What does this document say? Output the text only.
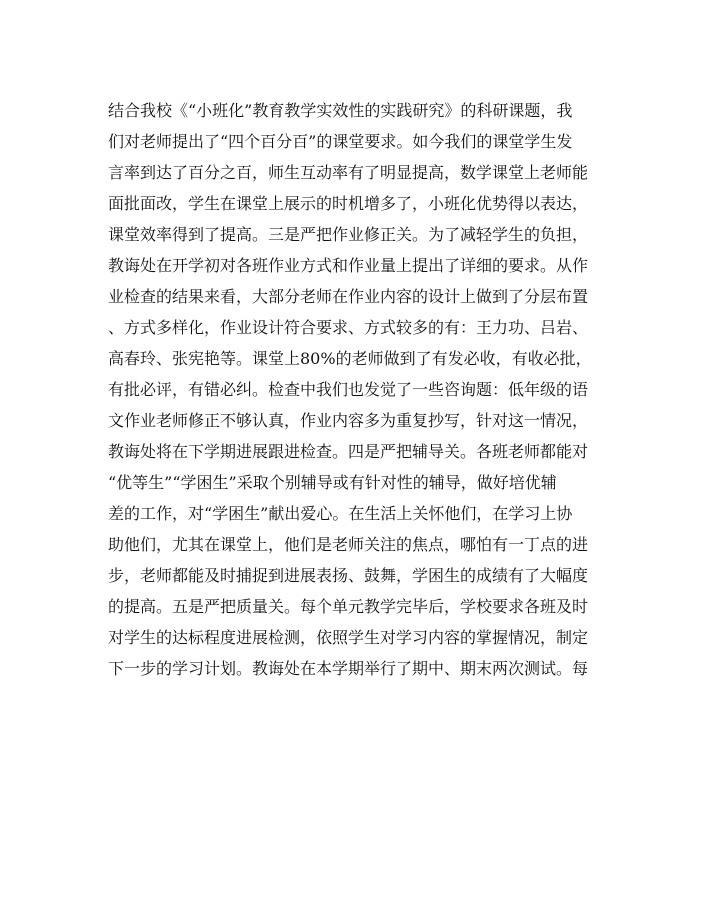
结合我校《“小班化”教育教学实效性的实践研究》的科研课题，我
们对老师提出了“四个百分百”的课堂要求。如今我们的课堂学生发
言率到达了百分之百，师生互动率有了明显提高，数学课堂上老师能
面批面改，学生在课堂上展示的时机增多了，小班化优势得以表达，
课堂效率得到了提高。三是严把作业修正关。为了减轻学生的负担，
教诲处在开学初对各班作业方式和作业量上提出了详细的要求。从作
业检查的结果来看，大部分老师在作业内容的设计上做到了分层布置
、方式多样化，作业设计符合要求、方式较多的有：王力功、吕岩、
高春玲、张宪艳等。课堂上80%的老师做到了有发必收，有收必批，
有批必评，有错必纠。检查中我们也发觉了一些咨询题：低年级的语
文作业老师修正不够认真，作业内容多为重复抄写，针对这一情况，
教诲处将在下学期进展跟进检查。四是严把辅导关。各班老师都能对
“优等生”“学困生”采取个别辅导或有针对性的辅导，做好培优辅
差的工作，对“学困生”献出爱心。在生活上关怀他们，在学习上协
助他们，尤其在课堂上，他们是老师关注的焦点，哪怕有一丁点的进
步，老师都能及时捕捉到进展表扬、鼓舞，学困生的成绩有了大幅度
的提高。五是严把质量关。每个单元教学完毕后，学校要求各班及时
对学生的达标程度进展检测，依照学生对学习内容的掌握情况，制定
下一步的学习计划。教诲处在本学期举行了期中、期末两次测试。每
